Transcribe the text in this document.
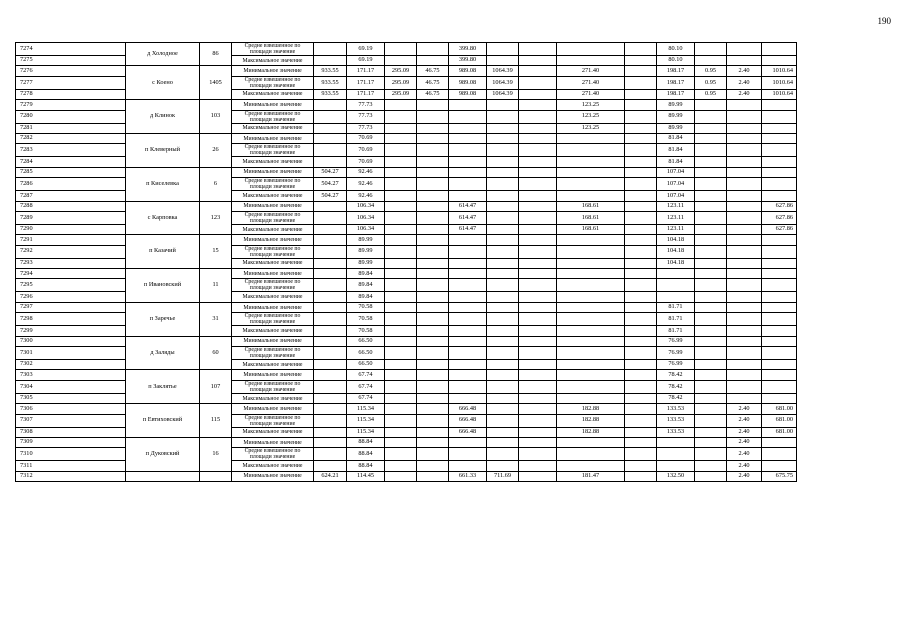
190
7274	д Холодное	86	Средне взвешенное по площади значение		69.19			399.80					80.10			
7275			Максимальное значение		69.19			399.80					80.10			
7276	с Коено	1405	Минимальное значение	933.55	171.17	295.09	46.75	989.08	1064.39		271.40		198.17	0.95	2.40	1010.64
7277			Средне взвешенное по площади значение	933.55	171.17	295.09	46.75	989.08	1064.39		271.40		198.17	0.95	2.40	1010.64
7278			Максимальное значение	933.55	171.17	295.09	46.75	989.08	1064.39		271.40		198.17	0.95	2.40	1010.64
7279	д Клинок	103	Минимальное значение		77.73						123.25		89.99			
7280			Средне взвешенное по площади значение		77.73						123.25		89.99			
7281			Максимальное значение		77.73						123.25		89.99			
7282	п Клеверный	26	Минимальное значение		70.69								81.84			
7283			Средне взвешенное по площади значение		70.69								81.84			
7284			Максимальное значение		70.69								81.84			
7285	п Киселевка	6	Минимальное значение	504.27	92.46								107.04			
7286			Средне взвешенное по площади значение	504.27	92.46								107.04			
7287			Максимальное значение	504.27	92.46								107.04			
7288	с Карповка	123	Минимальное значение		106.34			614.47			168.61		123.11			627.86
7289			Средне взвешенное по площади значение		106.34			614.47			168.61		123.11			627.86
7290			Максимальное значение		106.34			614.47			168.61		123.11			627.86
7291	п Казачий	15	Минимальное значение		89.99								104.18			
7292			Средне взвешенное по площади значение		89.99								104.18			
7293			Максимальное значение		89.99								104.18			
7294	п Ивановский	11	Минимальное значение		89.84											
7295			Средне взвешенное по площади значение		89.84											
7296			Максимальное значение		89.84											
7297	п Заречье	31	Минимальное значение		70.58								81.71			
7298			Средне взвешенное по площади значение		70.58								81.71			
7299			Максимальное значение		70.58								81.71			
7300	д Заляды	60	Минимальное значение		66.50								76.99			
7301			Средне взвешенное по площади значение		66.50								76.99			
7302			Максимальное значение		66.50								76.99			
7303	п Заклятье	107	Минимальное значение		67.74								78.42			
7304			Средне взвешенное по площади значение		67.74								78.42			
7305			Максимальное значение		67.74								78.42			
7306	п Евтиховский	115	Минимальное значение		115.34			666.48			182.88		133.53		2.40	681.00
7307			Средне взвешенное по площади значение		115.34			666.48			182.88		133.53		2.40	681.00
7308			Максимальное значение		115.34			666.48			182.88		133.53		2.40	681.00
7309	п Дуковский	16	Минимальное значение		88.84										2.40	
7310			Средне взвешенное по площади значение		88.84										2.40	
7311			Максимальное значение		88.84										2.40	
7312			Минимальное значение	624.21	114.45			661.33	711.69		181.47		132.50		2.40	675.75
